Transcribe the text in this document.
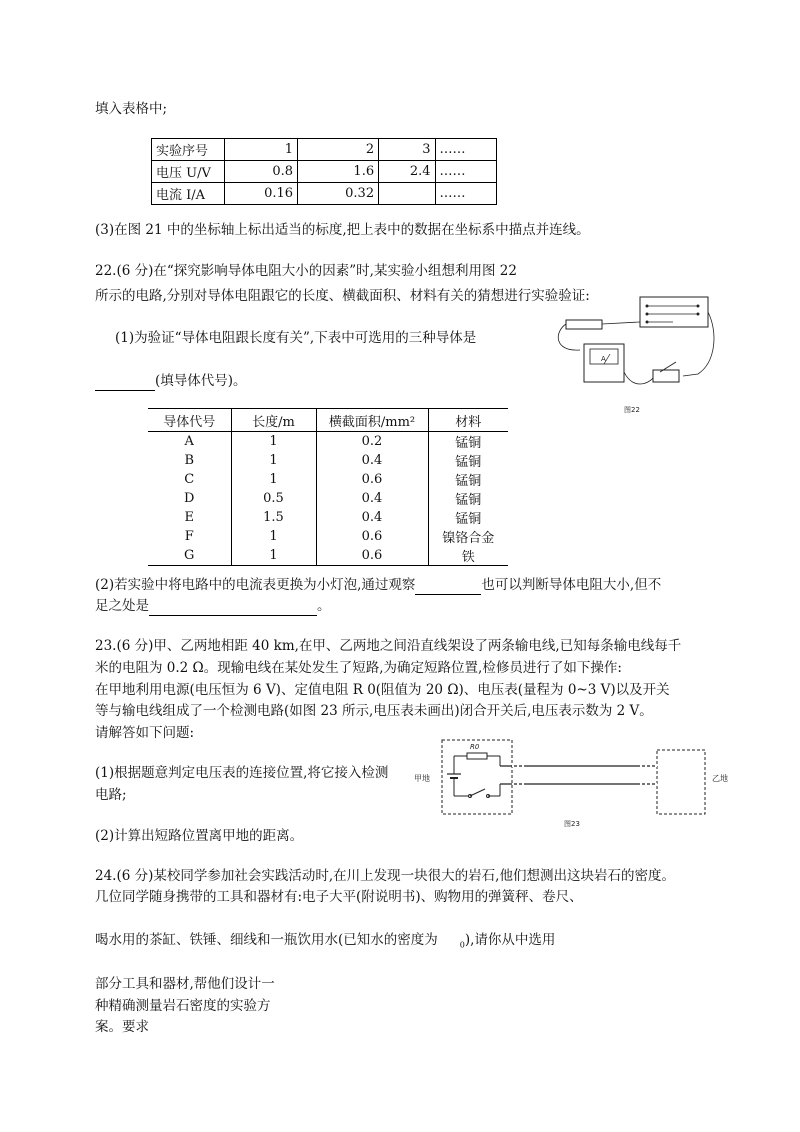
填入表格中;
实验序号	1	2	3	……
电压 U/V	0.8	1.6	2.4	……
电流 I/A	0.16	0.32		……
(3)在图 21 中的坐标轴上标出适当的标度,把上表中的数据在坐标系中描点并连线。
22.(6 分)在“探究影响导体电阻大小的因素”时,某实验小组想利用图 22
所示的电路,分别对导体电阻跟它的长度、横截面积、材料有关的猜想进行实验验证:
(1)为验证“导体电阻跟长度有关”,下表中可选用的三种导体是
(填导体代号)。
A
图22
导体代号	长度/m	横截面积/mm²	材料
A	1	0.2	锰铜
B	1	0.4	锰铜
C	1	0.6	锰铜
D	0.5	0.4	锰铜
E	1.5	0.4	锰铜
F	1	0.6	镍铬合金
G	1	0.6	铁
(2)若实验中将电路中的电流表更换为小灯泡,通过观察	也可以判断导体电阻大小,但不
足之处是	。
23.(6 分)甲、乙两地相距 40 km,在甲、乙两地之间沿直线架设了两条输电线,已知每条输电线每千
米的电阻为 0.2 Ω。现输电线在某处发生了短路,为确定短路位置,检修员进行了如下操作:
在甲地利用电源(电压恒为 6 V)、定值电阻 R 0(阻值为 20 Ω)、电压表(量程为 0~3 V)以及开关
等与输电线组成了一个检测电路(如图 23 所示,电压表未画出)闭合开关后,电压表示数为 2 V。
请解答如下问题:
(1)根据题意判定电压表的连接位置,将它接入检测
电路;
(2)计算出短路位置离甲地的距离。
甲地	乙地
R0
图23
24.(6 分)某校同学参加社会实践活动时,在川上发现一块很大的岩石,他们想测出这块岩石的密度。
几位同学随身携带的工具和器材有:电子大平(附说明书)、购物用的弹簧秤、卷尺、
喝水用的茶缸、铁锤、细线和一瓶饮用水(已知水的密度为	$_0$),请你从中选用
部分工具和器材,帮他们设计一
种精确测量岩石密度的实验方
案。要求
